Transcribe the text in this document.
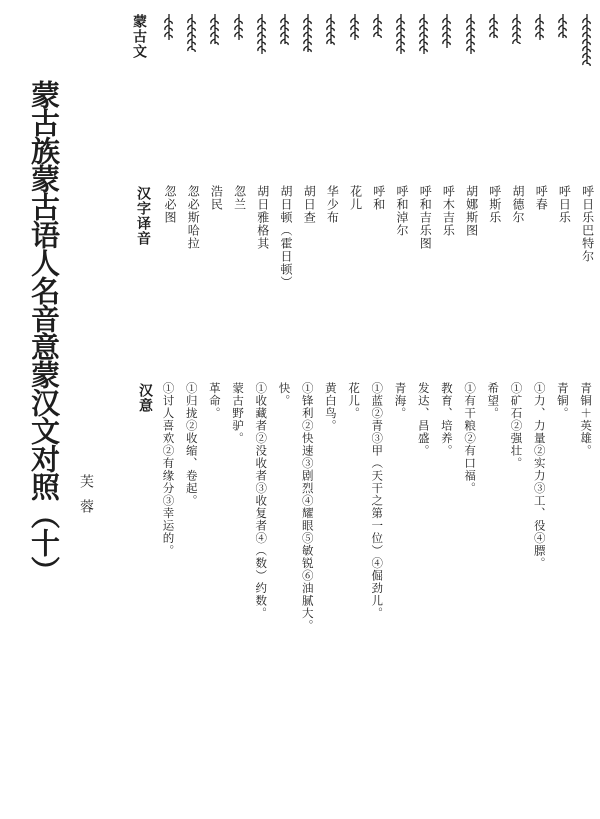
蒙古族蒙古语人名音意蒙汉文对照（十） 芙蓉
蒙古文
汉字译音
汉意
忽必图
①讨人喜欢②有缘分③幸运的。
忽必斯哈拉
①归拢②收缩、卷起。
浩民
革命。
忽兰
蒙古野驴。
胡日雅格其
①收藏者②没收者③收复者④（数）约数。
胡日顿（霍日顿）
快。
胡日查
①锋利②快速③剧烈④耀眼⑤敏锐⑥油腻大。
华少布
黄白鸟。
花儿
花儿。
呼和
①蓝②青③甲（天干之第一位）④倔劲儿。
呼和淖尔
青海。
呼和吉乐图
发达、昌盛。
呼木吉乐
教育、培养。
胡娜斯图
①有干粮②有口福。
呼斯乐
希望。
胡德尔
①矿石②强壮。
呼春
①力、力量②实力③工、役④膘。
呼日乐
青铜。
呼日乐巴特尔
青铜＋英雄。
